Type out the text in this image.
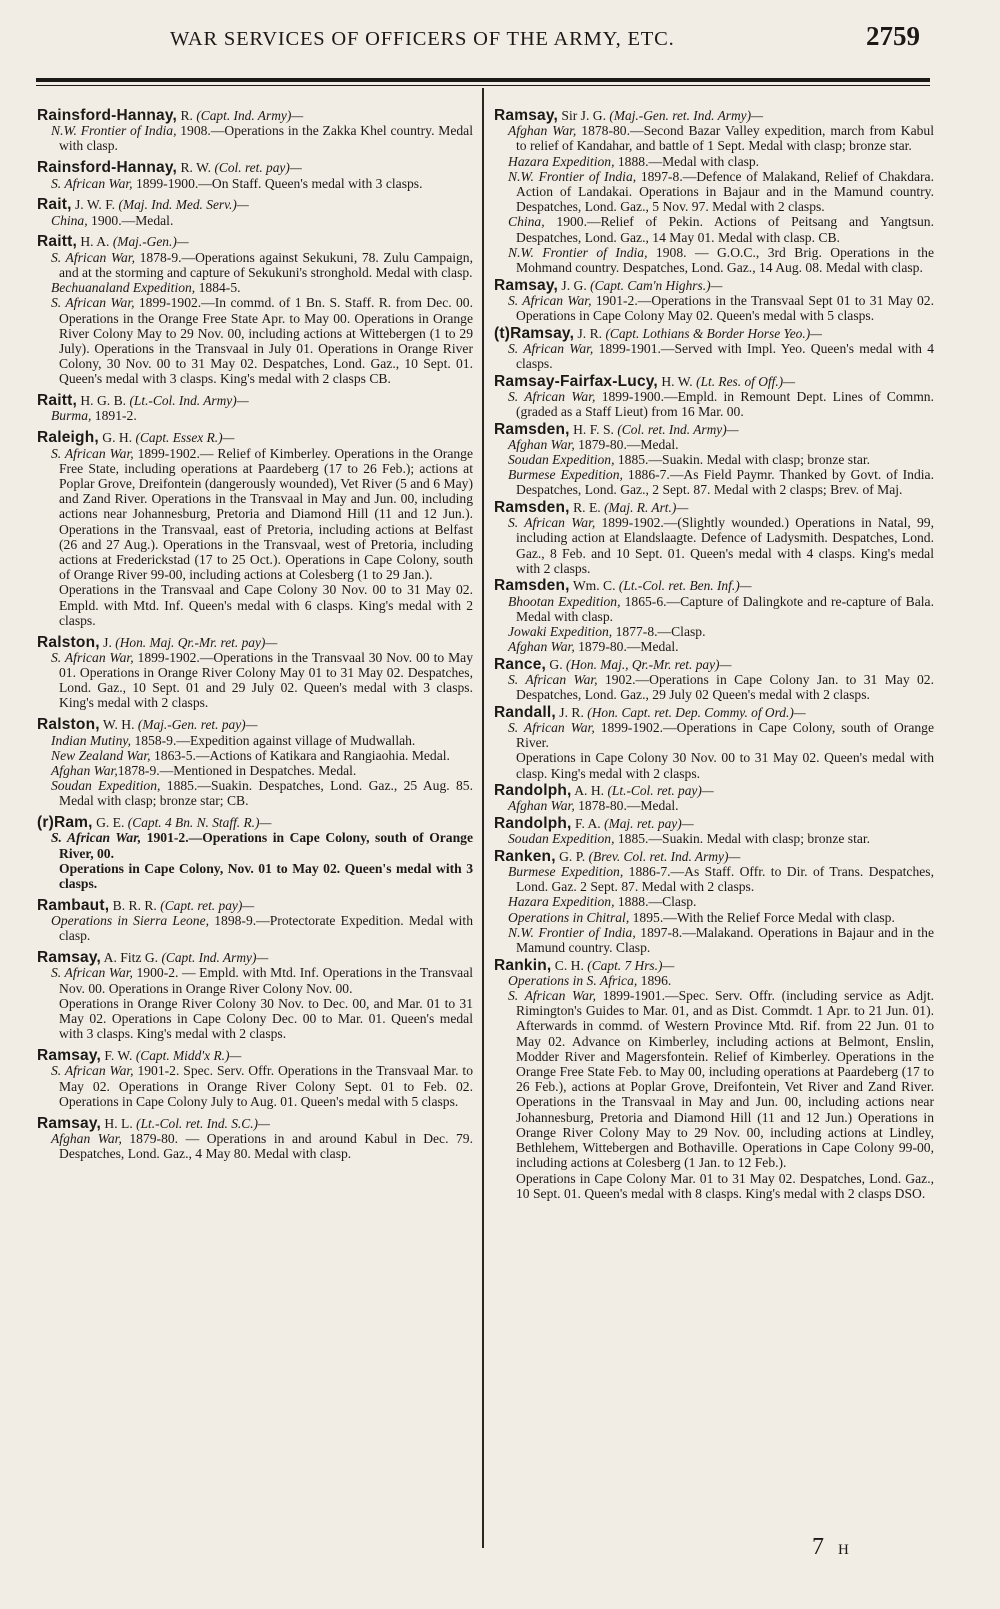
WAR SERVICES OF OFFICERS OF THE ARMY, ETC.	2759
Rainsford-Hannay, R. (Capt. Ind. Army)—
N.W. Frontier of India, 1908.—Operations in the Zakka Khel country. Medal with clasp.
Rainsford-Hannay, R. W. (Col. ret. pay)—
S. African War, 1899-1900.—On Staff. Queen's medal with 3 clasps.
Rait, J. W. F. (Maj. Ind. Med. Serv.)—
China, 1900.—Medal.
Raitt, H. A. (Maj.-Gen.)—
S. African War, 1878-9.—Operations against Sekukuni, 78. Zulu Campaign, and at the storming and capture of Sekukuni's stronghold. Medal with clasp.
Bechuanaland Expedition, 1884-5.
S. African War, 1899-1902.—In commd. of 1 Bn. S. Staff. R. from Dec. 00. Operations in the Orange Free State Apr. to May 00. Operations in Orange River Colony May to 29 Nov. 00, including actions at Wittebergen (1 to 29 July). Operations in the Transvaal in July 01. Operations in Orange River Colony, 30 Nov. 00 to 31 May 02. Despatches, Lond. Gaz., 10 Sept. 01. Queen's medal with 3 clasps. King's medal with 2 clasps CB.
Raitt, H. G. B. (Lt.-Col. Ind. Army)—
Burma, 1891-2.
Raleigh, G. H. (Capt. Essex R.)—
S. African War, 1899-1902.— Relief of Kimberley. Operations in the Orange Free State, including operations at Paardeberg (17 to 26 Feb.); actions at Poplar Grove, Dreifontein (dangerously wounded), Vet River (5 and 6 May) and Zand River. Operations in the Transvaal in May and Jun. 00, including actions near Johannesburg, Pretoria and Diamond Hill (11 and 12 Jun.). Operations in the Transvaal, east of Pretoria, including actions at Belfast (26 and 27 Aug.). Operations in the Transvaal, west of Pretoria, including actions at Frederickstad (17 to 25 Oct.). Operations in Cape Colony, south of Orange River 99-00, including actions at Colesberg (1 to 29 Jan.).
Operations in the Transvaal and Cape Colony 30 Nov. 00 to 31 May 02. Empld. with Mtd. Inf. Queen's medal with 6 clasps. King's medal with 2 clasps.
Ralston, J. (Hon. Maj. Qr.-Mr. ret. pay)—
S. African War, 1899-1902.—Operations in the Transvaal 30 Nov. 00 to May 01. Operations in Orange River Colony May 01 to 31 May 02. Despatches, Lond. Gaz., 10 Sept. 01 and 29 July 02. Queen's medal with 3 clasps. King's medal with 2 clasps.
Ralston, W. H. (Maj.-Gen. ret. pay)—
Indian Mutiny, 1858-9.—Expedition against village of Mudwallah.
New Zealand War, 1863-5.—Actions of Katikara and Rangiaohia. Medal.
Afghan War,1878-9.—Mentioned in Despatches. Medal.
Soudan Expedition, 1885.—Suakin. Despatches, Lond. Gaz., 25 Aug. 85. Medal with clasp; bronze star; CB.
(r)Ram, G. E. (Capt. 4 Bn. N. Staff. R.)—
S. African War, 1901-2.—Operations in Cape Colony, south of Orange River, 00.
Operations in Cape Colony, Nov. 01 to May 02. Queen's medal with 3 clasps.
Rambaut, B. R. R. (Capt. ret. pay)—
Operations in Sierra Leone, 1898-9.—Protectorate Expedition. Medal with clasp.
Ramsay, A. Fitz G. (Capt. Ind. Army)—
S. African War, 1900-2. — Empld. with Mtd. Inf. Operations in the Transvaal Nov. 00. Operations in Orange River Colony Nov. 00.
Operations in Orange River Colony 30 Nov. to Dec. 00, and Mar. 01 to 31 May 02. Operations in Cape Colony Dec. 00 to Mar. 01. Queen's medal with 3 clasps. King's medal with 2 clasps.
Ramsay, F. W. (Capt. Midd'x R.)—
S. African War, 1901-2. Spec. Serv. Offr. Operations in the Transvaal Mar. to May 02. Operations in Orange River Colony Sept. 01 to Feb. 02. Operations in Cape Colony July to Aug. 01. Queen's medal with 5 clasps.
Ramsay, H. L. (Lt.-Col. ret. Ind. S.C.)—
Afghan War, 1879-80. — Operations in and around Kabul in Dec. 79. Despatches, Lond. Gaz., 4 May 80. Medal with clasp.
Ramsay, Sir J. G. (Maj.-Gen. ret. Ind. Army)—
Afghan War, 1878-80.—Second Bazar Valley expedition, march from Kabul to relief of Kandahar, and battle of 1 Sept. Medal with clasp; bronze star.
Hazara Expedition, 1888.—Medal with clasp.
N.W. Frontier of India, 1897-8.—Defence of Malakand, Relief of Chakdara. Action of Landakai. Operations in Bajaur and in the Mamund country. Despatches, Lond. Gaz., 5 Nov. 97. Medal with 2 clasps.
China, 1900.—Relief of Pekin. Actions of Peitsang and Yangtsun. Despatches, Lond. Gaz., 14 May 01. Medal with clasp. CB.
N.W. Frontier of India, 1908. — G.O.C., 3rd Brig. Operations in the Mohmand country. Despatches, Lond. Gaz., 14 Aug. 08. Medal with clasp.
Ramsay, J. G. (Capt. Cam'n Highrs.)—
S. African War, 1901-2.—Operations in the Transvaal Sept 01 to 31 May 02. Operations in Cape Colony May 02. Queen's medal with 5 clasps.
(t)Ramsay, J. R. (Capt. Lothians & Border Horse Yeo.)—
S. African War, 1899-1901.—Served with Impl. Yeo. Queen's medal with 4 clasps.
Ramsay-Fairfax-Lucy, H. W. (Lt. Res. of Off.)—
S. African War, 1899-1900.—Empld. in Remount Dept. Lines of Commn. (graded as a Staff Lieut) from 16 Mar. 00.
Ramsden, H. F. S. (Col. ret. Ind. Army)—
Afghan War, 1879-80.—Medal.
Soudan Expedition, 1885.—Suakin. Medal with clasp; bronze star.
Burmese Expedition, 1886-7.—As Field Paymr. Thanked by Govt. of India. Despatches, Lond. Gaz., 2 Sept. 87. Medal with 2 clasps; Brev. of Maj.
Ramsden, R. E. (Maj. R. Art.)—
S. African War, 1899-1902.—(Slightly wounded.) Operations in Natal, 99, including action at Elandslaagte. Defence of Ladysmith. Despatches, Lond. Gaz., 8 Feb. and 10 Sept. 01. Queen's medal with 4 clasps. King's medal with 2 clasps.
Ramsden, Wm. C. (Lt.-Col. ret. Ben. Inf.)—
Bhootan Expedition, 1865-6.—Capture of Dalingkote and re-capture of Bala. Medal with clasp.
Jowaki Expedition, 1877-8.—Clasp.
Afghan War, 1879-80.—Medal.
Rance, G. (Hon. Maj., Qr.-Mr. ret. pay)—
S. African War, 1902.—Operations in Cape Colony Jan. to 31 May 02. Despatches, Lond. Gaz., 29 July 02 Queen's medal with 2 clasps.
Randall, J. R. (Hon. Capt. ret. Dep. Commy. of Ord.)—
S. African War, 1899-1902.—Operations in Cape Colony, south of Orange River.
Operations in Cape Colony 30 Nov. 00 to 31 May 02. Queen's medal with clasp. King's medal with 2 clasps.
Randolph, A. H. (Lt.-Col. ret. pay)—
Afghan War, 1878-80.—Medal.
Randolph, F. A. (Maj. ret. pay)—
Soudan Expedition, 1885.—Suakin. Medal with clasp; bronze star.
Ranken, G. P. (Brev. Col. ret. Ind. Army)—
Burmese Expedition, 1886-7.—As Staff. Offr. to Dir. of Trans. Despatches, Lond. Gaz. 2 Sept. 87. Medal with 2 clasps.
Hazara Expedition, 1888.—Clasp.
Operations in Chitral, 1895.—With the Relief Force Medal with clasp.
N.W. Frontier of India, 1897-8.—Malakand. Operations in Bajaur and in the Mamund country. Clasp.
Rankin, C. H. (Capt. 7 Hrs.)—
Operations in S. Africa, 1896.
S. African War, 1899-1901.—Spec. Serv. Offr. (including service as Adjt. Rimington's Guides to Mar. 01, and as Dist. Commdt. 1 Apr. to 21 Jun. 01). Afterwards in commd. of Western Province Mtd. Rif. from 22 Jun. 01 to May 02. Advance on Kimberley, including actions at Belmont, Enslin, Modder River and Magersfontein. Relief of Kimberley. Operations in the Orange Free State Feb. to May 00, including operations at Paardeberg (17 to 26 Feb.), actions at Poplar Grove, Dreifontein, Vet River and Zand River. Operations in the Transvaal in May and Jun. 00, including actions near Johannesburg, Pretoria and Diamond Hill (11 and 12 Jun.) Operations in Orange River Colony May to 29 Nov. 00, including actions at Lindley, Bethlehem, Wittebergen and Bothaville. Operations in Cape Colony 99-00, including actions at Colesberg (1 Jan. to 12 Feb.).
Operations in Cape Colony Mar. 01 to 31 May 02. Despatches, Lond. Gaz., 10 Sept. 01. Queen's medal with 8 clasps. King's medal with 2 clasps DSO.
7 H
